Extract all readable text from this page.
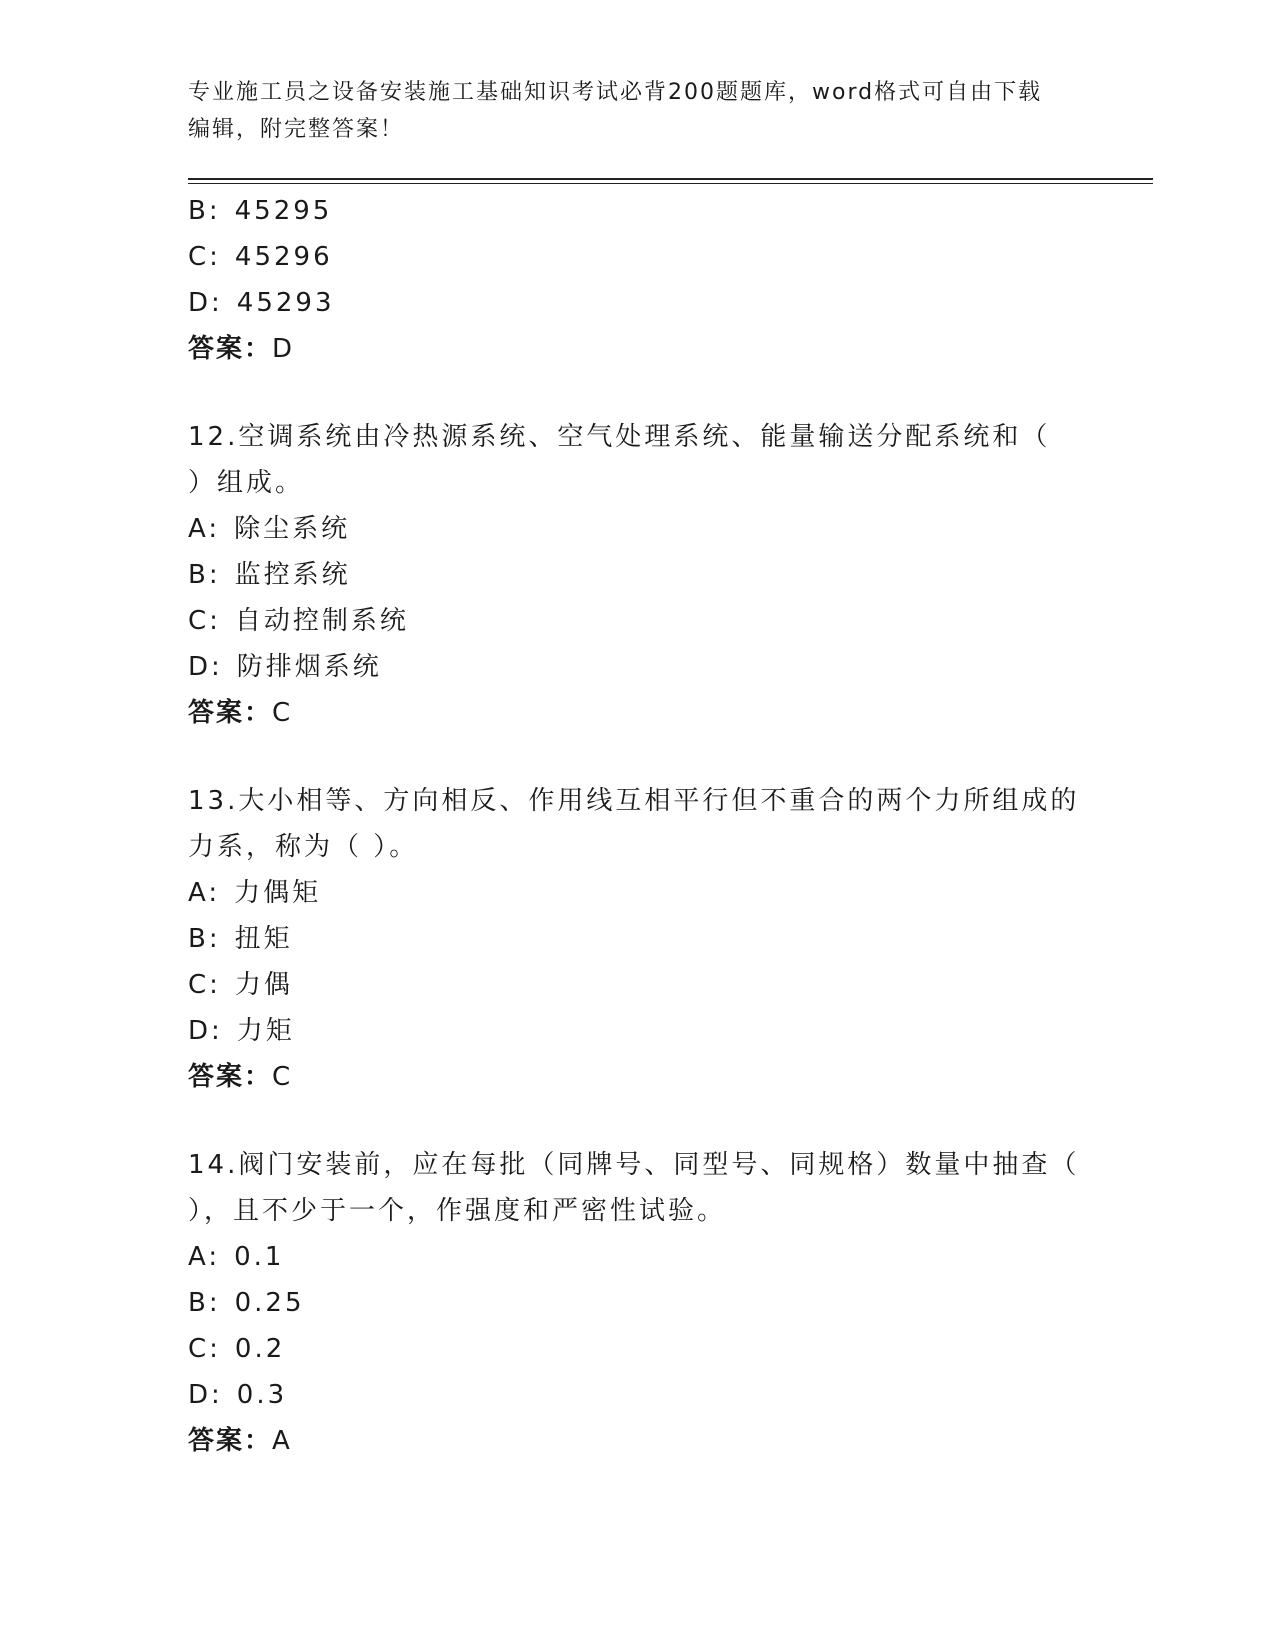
专业施工员之设备安装施工基础知识考试必背200题题库，word格式可自由下载
编辑，附完整答案！
B: 45295
C: 45296
D: 45293
答案：D
12.空调系统由冷热源系统、空气处理系统、能量输送分配系统和（
）组成。
A: 除尘系统
B: 监控系统
C: 自动控制系统
D: 防排烟系统
答案：C
13.大小相等、方向相反、作用线互相平行但不重合的两个力所组成的
力系，称为（ ）。
A: 力偶矩
B: 扭矩
C: 力偶
D: 力矩
答案：C
14.阀门安装前，应在每批（同牌号、同型号、同规格）数量中抽查（
），且不少于一个，作强度和严密性试验。
A: 0.1
B: 0.25
C: 0.2
D: 0.3
答案：A
